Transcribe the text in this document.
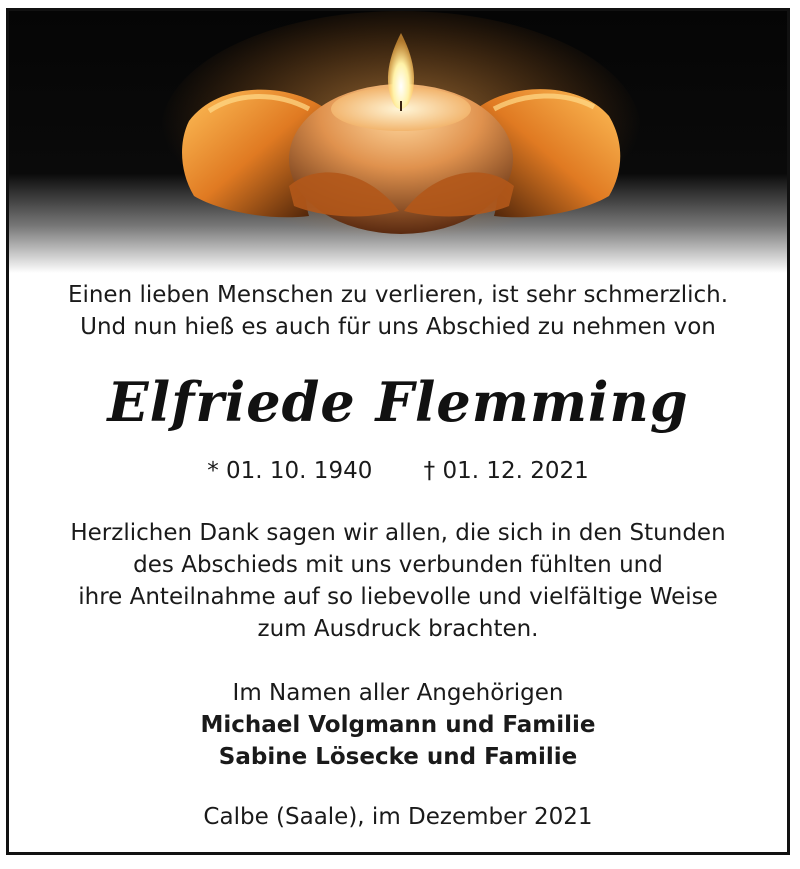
Einen lieben Menschen zu verlieren, ist sehr schmerzlich.
Und nun hieß es auch für uns Abschied zu nehmen von
Elfriede Flemming
* 01. 10. 1940 † 01. 12. 2021
Herzlichen Dank sagen wir allen, die sich in den Stunden
des Abschieds mit uns verbunden fühlten und
ihre Anteilnahme auf so liebevolle und vielfältige Weise
zum Ausdruck brachten.
Im Namen aller Angehörigen
Michael Volgmann und Familie
Sabine Lösecke und Familie
Calbe (Saale), im Dezember 2021
